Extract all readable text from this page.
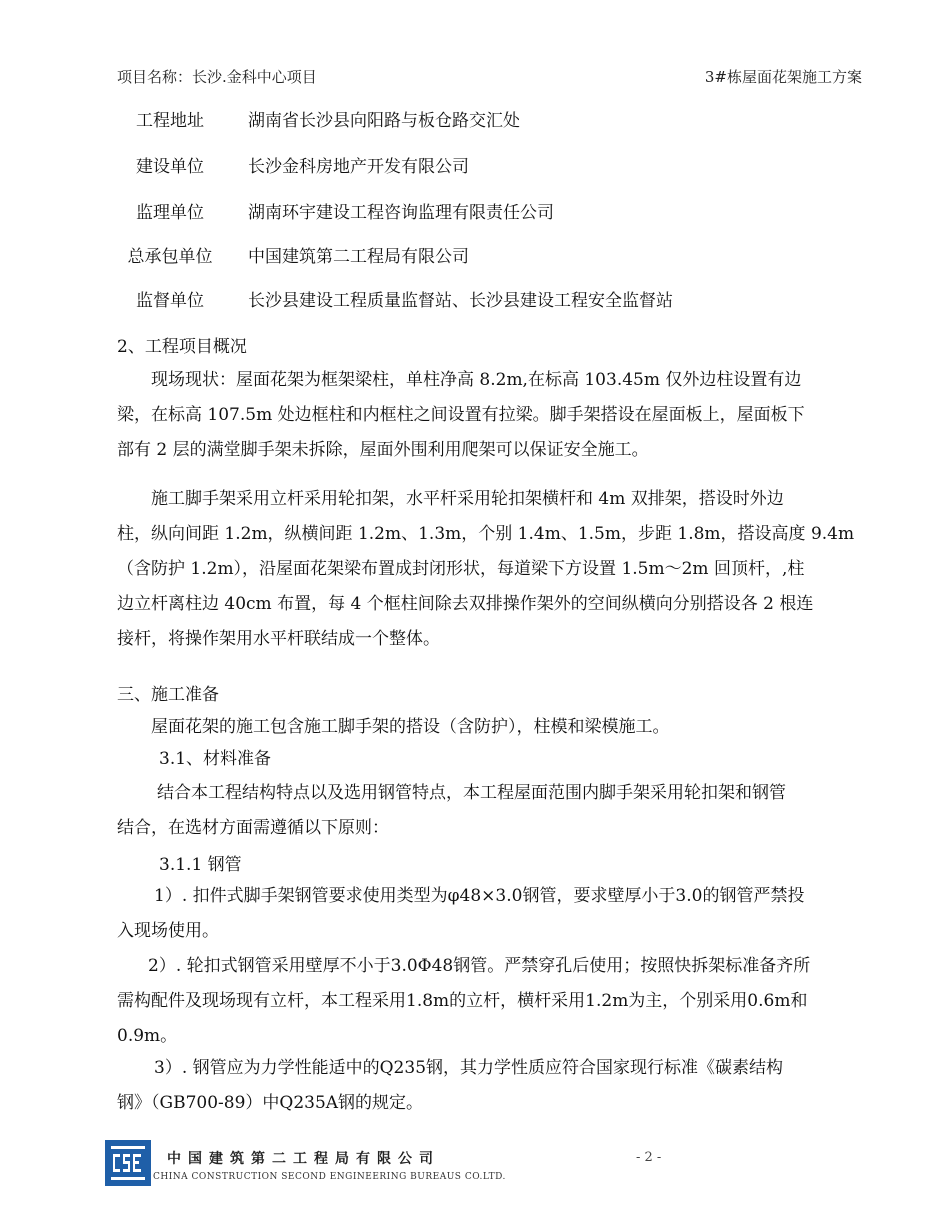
项目名称：长沙.金科中心项目	3#栋屋面花架施工方案
工程地址	湖南省长沙县向阳路与板仓路交汇处
建设单位	长沙金科房地产开发有限公司
监理单位	湖南环宇建设工程咨询监理有限责任公司
总承包单位	中国建筑第二工程局有限公司
监督单位	长沙县建设工程质量监督站、长沙县建设工程安全监督站
2、工程项目概况
现场现状：屋面花架为框架梁柱，单柱净高 8.2m,在标高 103.45m 仅外边柱设置有边
梁，在标高 107.5m 处边框柱和内框柱之间设置有拉梁。脚手架搭设在屋面板上，屋面板下
部有 2 层的满堂脚手架未拆除，屋面外围利用爬架可以保证安全施工。
施工脚手架采用立杆采用轮扣架，水平杆采用轮扣架横杆和 4m 双排架，搭设时外边
柱，纵向间距 1.2m，纵横间距 1.2m、1.3m，个别 1.4m、1.5m，步距 1.8m，搭设高度 9.4m
（含防护 1.2m），沿屋面花架梁布置成封闭形状，每道梁下方设置 1.5m～2m 回顶杆，,柱
边立杆离柱边 40cm 布置，每 4 个框柱间除去双排操作架外的空间纵横向分别搭设各 2 根连
接杆，将操作架用水平杆联结成一个整体。
三、施工准备
屋面花架的施工包含施工脚手架的搭设（含防护），柱模和梁模施工。
3.1、材料准备
结合本工程结构特点以及选用钢管特点，本工程屋面范围内脚手架采用轮扣架和钢管
结合，在选材方面需遵循以下原则：
3.1.1 钢管
1）. 扣件式脚手架钢管要求使用类型为φ48×3.0钢管，要求壁厚小于3.0的钢管严禁投
入现场使用。
2）. 轮扣式钢管采用壁厚不小于3.0Φ48钢管。严禁穿孔后使用；按照快拆架标准备齐所
需构配件及现场现有立杆，本工程采用1.8m的立杆，横杆采用1.2m为主，个别采用0.6m和
0.9m。
3）. 钢管应为力学性能适中的Q235钢，其力学性质应符合国家现行标准《碳素结构
钢》（GB700-89）中Q235A钢的规定。
中国建筑第二工程局有限公司
CHINA CONSTRUCTION SECOND ENGINEERING BUREAUS CO.LTD.
- 2 -
